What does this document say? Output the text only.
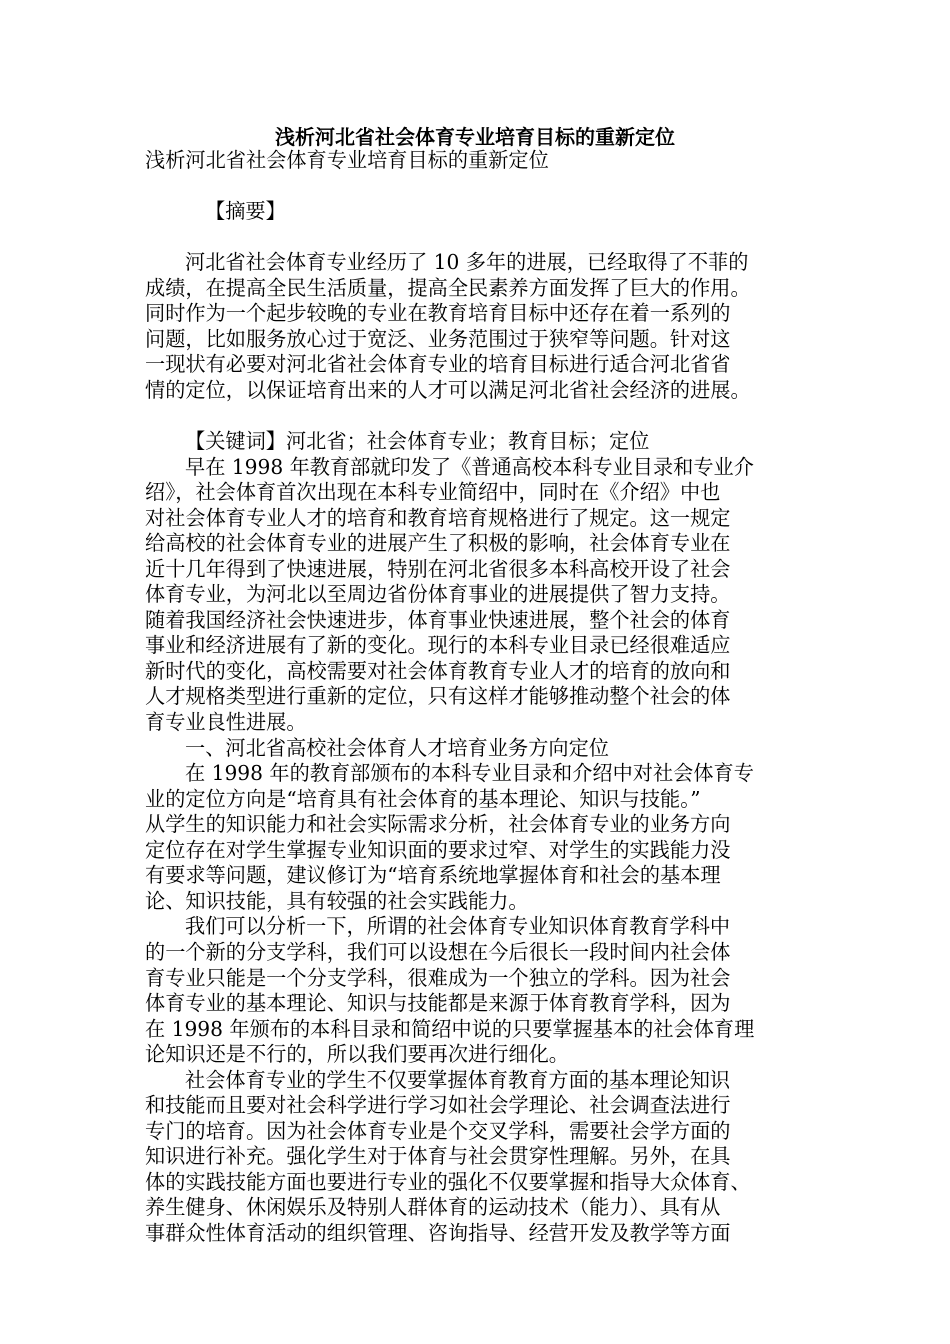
浅析河北省社会体育专业培育目标的重新定位
浅析河北省社会体育专业培育目标的重新定位
【摘要】
河北省社会体育专业经历了 10 多年的进展，已经取得了不菲的
成绩，在提高全民生活质量，提高全民素养方面发挥了巨大的作用。
同时作为一个起步较晚的专业在教育培育目标中还存在着一系列的
问题，比如服务放心过于宽泛、业务范围过于狭窄等问题。针对这
一现状有必要对河北省社会体育专业的培育目标进行适合河北省省
情的定位，以保证培育出来的人才可以满足河北省社会经济的进展。
【关键词】河北省；社会体育专业；教育目标；定位
早在 1998 年教育部就印发了《普通高校本科专业目录和专业介
绍》，社会体育首次出现在本科专业简绍中，同时在《介绍》中也
对社会体育专业人才的培育和教育培育规格进行了规定。这一规定
给高校的社会体育专业的进展产生了积极的影响，社会体育专业在
近十几年得到了快速进展，特别在河北省很多本科高校开设了社会
体育专业，为河北以至周边省份体育事业的进展提供了智力支持。
随着我国经济社会快速进步，体育事业快速进展，整个社会的体育
事业和经济进展有了新的变化。现行的本科专业目录已经很难适应
新时代的变化，高校需要对社会体育教育专业人才的培育的放向和
人才规格类型进行重新的定位，只有这样才能够推动整个社会的体
育专业良性进展。
一、河北省高校社会体育人才培育业务方向定位
在 1998 年的教育部颁布的本科专业目录和介绍中对社会体育专
业的定位方向是“培育具有社会体育的基本理论、知识与技能。”
从学生的知识能力和社会实际需求分析，社会体育专业的业务方向
定位存在对学生掌握专业知识面的要求过窄、对学生的实践能力没
有要求等问题，建议修订为“培育系统地掌握体育和社会的基本理
论、知识技能，具有较强的社会实践能力。
我们可以分析一下，所谓的社会体育专业知识体育教育学科中
的一个新的分支学科，我们可以设想在今后很长一段时间内社会体
育专业只能是一个分支学科，很难成为一个独立的学科。因为社会
体育专业的基本理论、知识与技能都是来源于体育教育学科，因为
在 1998 年颁布的本科目录和简绍中说的只要掌握基本的社会体育理
论知识还是不行的，所以我们要再次进行细化。
社会体育专业的学生不仅要掌握体育教育方面的基本理论知识
和技能而且要对社会科学进行学习如社会学理论、社会调查法进行
专门的培育。因为社会体育专业是个交叉学科，需要社会学方面的
知识进行补充。强化学生对于体育与社会贯穿性理解。另外，在具
体的实践技能方面也要进行专业的强化不仅要掌握和指导大众体育、
养生健身、休闲娱乐及特别人群体育的运动技术（能力）、具有从
事群众性体育活动的组织管理、咨询指导、经营开发及教学等方面
